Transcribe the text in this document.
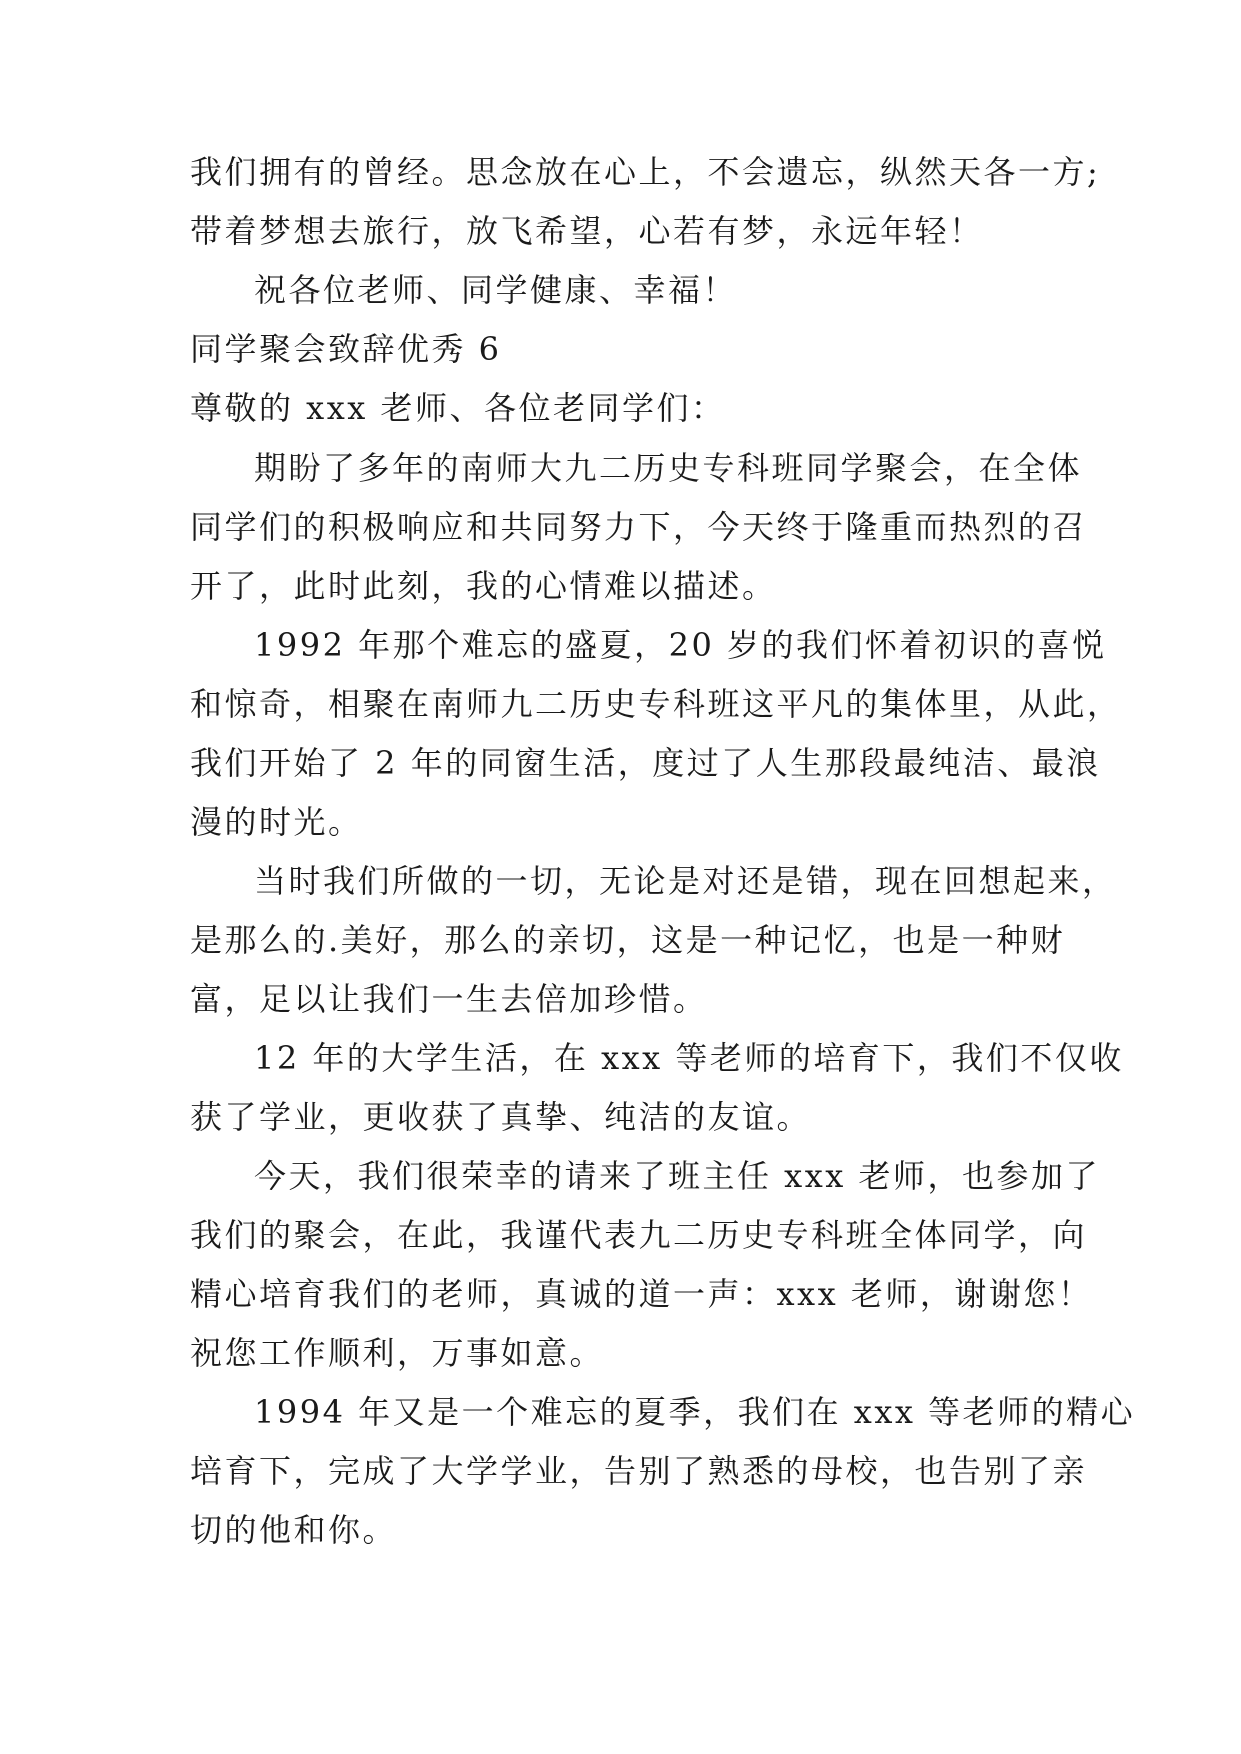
我们拥有的曾经。思念放在心上，不会遗忘，纵然天各一方;
带着梦想去旅行，放飞希望，心若有梦，永远年轻！
祝各位老师、同学健康、幸福！
同学聚会致辞优秀 6
尊敬的 xxx 老师、各位老同学们：
期盼了多年的南师大九二历史专科班同学聚会，在全体
同学们的积极响应和共同努力下，今天终于隆重而热烈的召
开了，此时此刻，我的心情难以描述。
1992 年那个难忘的盛夏，20 岁的我们怀着初识的喜悦
和惊奇，相聚在南师九二历史专科班这平凡的集体里，从此，
我们开始了 2 年的同窗生活，度过了人生那段最纯洁、最浪
漫的时光。
当时我们所做的一切，无论是对还是错，现在回想起来，
是那么的.美好，那么的亲切，这是一种记忆，也是一种财
富，足以让我们一生去倍加珍惜。
12 年的大学生活，在 xxx 等老师的培育下，我们不仅收
获了学业，更收获了真挚、纯洁的友谊。
今天，我们很荣幸的请来了班主任 xxx 老师，也参加了
我们的聚会，在此，我谨代表九二历史专科班全体同学，向
精心培育我们的老师，真诚的道一声：xxx 老师，谢谢您！
祝您工作顺利，万事如意。
1994 年又是一个难忘的夏季，我们在 xxx 等老师的精心
培育下，完成了大学学业，告别了熟悉的母校，也告别了亲
切的他和你。
